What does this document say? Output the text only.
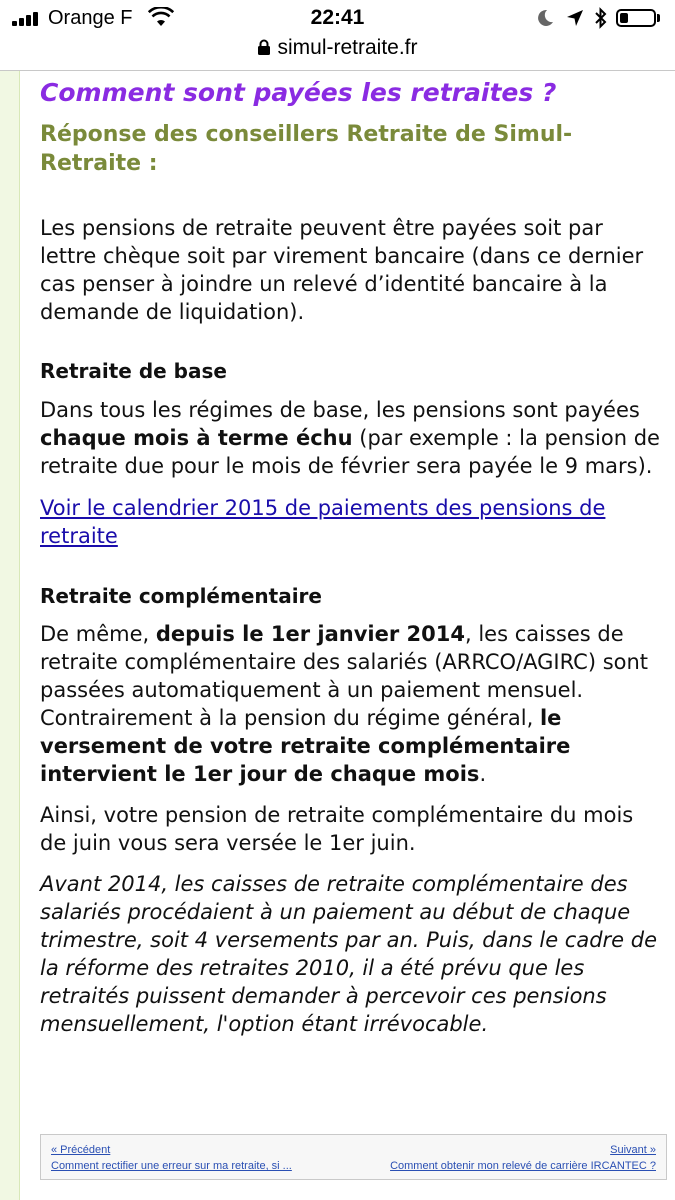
Orange F	22:41
simul-retraite.fr
Comment sont payées les retraites ?
Réponse des conseillers Retraite de Simul-Retraite :

Les pensions de retraite peuvent être payées soit par lettre chèque soit par virement bancaire (dans ce dernier cas penser à joindre un relevé d’identité bancaire à la demande de liquidation).

Retraite de base

Dans tous les régimes de base, les pensions sont payées chaque mois à terme échu (par exemple : la pension de retraite due pour le mois de février sera payée le 9 mars).

Voir le calendrier 2015 de paiements des pensions de retraite

Retraite complémentaire

De même, depuis le 1er janvier 2014, les caisses de retraite complémentaire des salariés (ARRCO/AGIRC) sont passées automatiquement à un paiement mensuel. Contrairement à la pension du régime général, le versement de votre retraite complémentaire intervient le 1er jour de chaque mois.

Ainsi, votre pension de retraite complémentaire du mois de juin vous sera versée le 1er juin.

Avant 2014, les caisses de retraite complémentaire des salariés procédaient à un paiement au début de chaque trimestre, soit 4 versements par an. Puis, dans le cadre de la réforme des retraites 2010, il a été prévu que les retraités puissent demander à percevoir ces pensions mensuellement, l'option étant irrévocable.

« Précédent
Comment rectifier une erreur sur ma retraite, si ...
Suivant »
Comment obtenir mon relevé de carrière IRCANTEC ?
